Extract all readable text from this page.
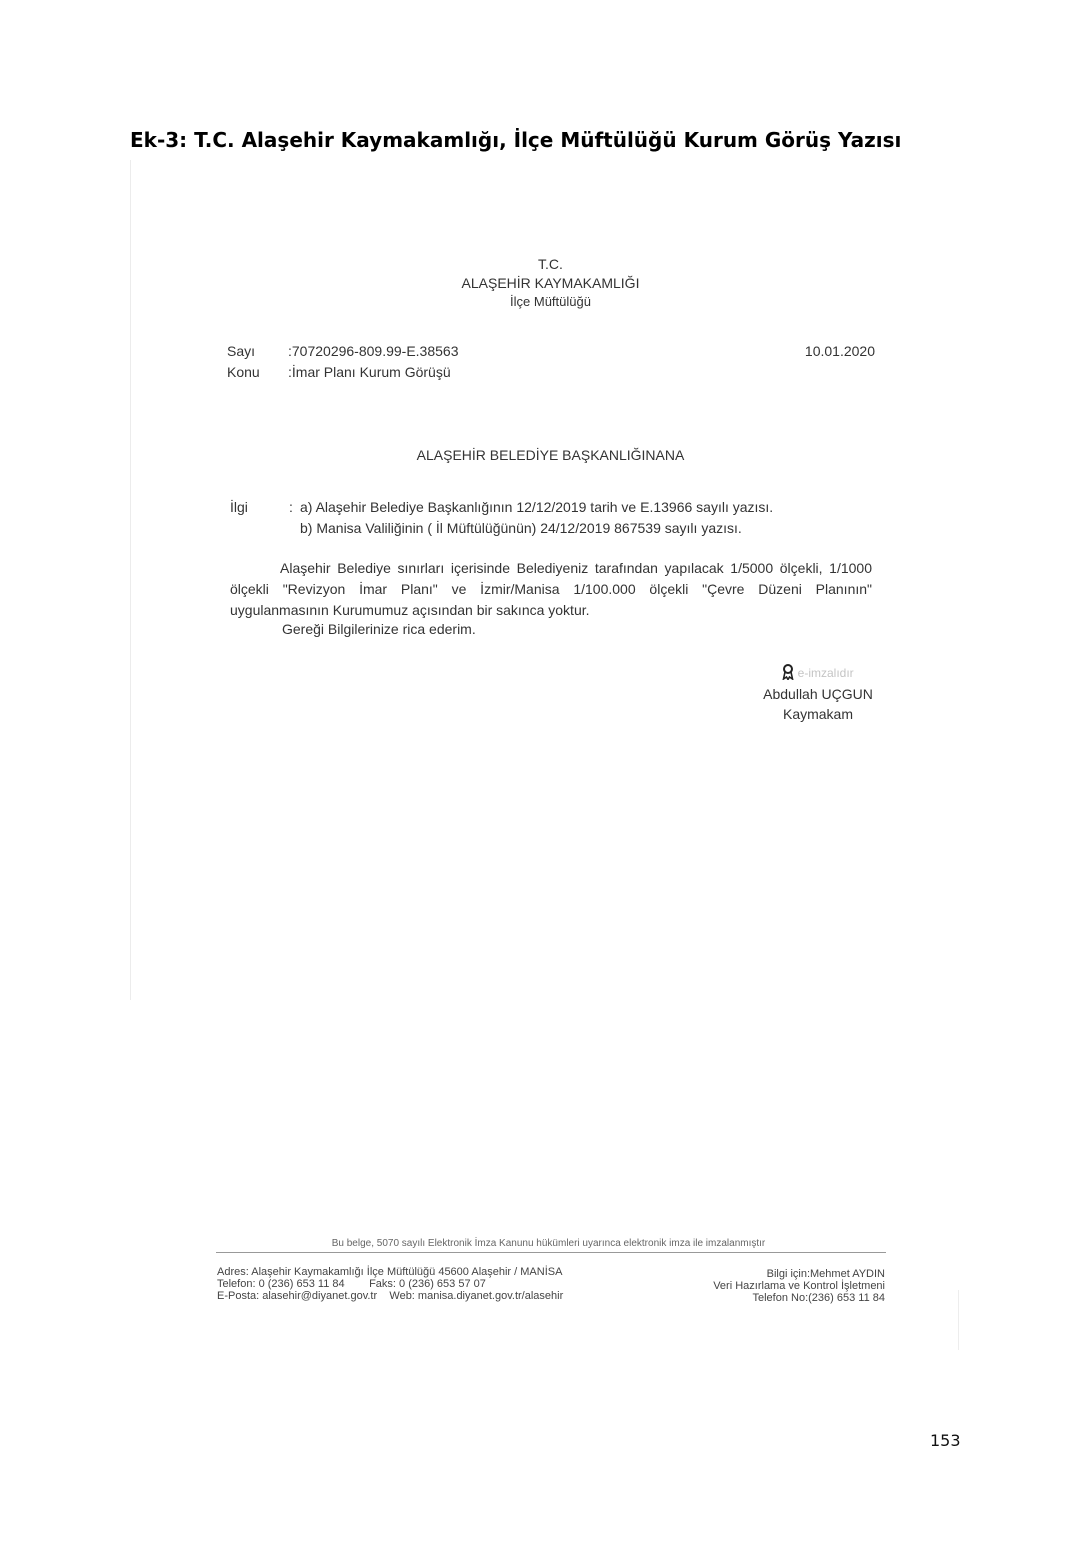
Ek-3: T.C. Alaşehir Kaymakamlığı, İlçe Müftülüğü Kurum Görüş Yazısı
T.C.
ALAŞEHİR KAYMAKAMLIĞI
İlçe Müftülüğü
Sayı :70720296-809.99-E.38563
Konu :İmar Planı Kurum Görüşü
10.01.2020
ALAŞEHİR BELEDİYE BAŞKANLIĞINANA
İlgi	: a) Alaşehir Belediye Başkanlığının 12/12/2019 tarih ve E.13966 sayılı yazısı.
b) Manisa Valiliğinin ( İl Müftülüğünün) 24/12/2019 867539 sayılı yazısı.
Alaşehir Belediye sınırları içerisinde Belediyeniz tarafından yapılacak 1/5000 ölçekli, 1/1000 ölçekli "Revizyon İmar Planı" ve İzmir/Manisa 1/100.000 ölçekli "Çevre Düzeni Planının" uygulanmasının Kurumumuz açısından bir sakınca yoktur.
Gereği Bilgilerinize rica ederim.
e-imzalıdır
Abdullah UÇGUN
Kaymakam
Bu belge, 5070 sayılı Elektronik İmza Kanunu hükümleri uyarınca elektronik imza ile imzalanmıştır
Adres: Alaşehir Kaymakamlığı İlçe Müftülüğü 45600 Alaşehir / MANİSA
Telefon: 0 (236) 653 11 84 Faks: 0 (236) 653 57 07
E-Posta: alasehir@diyanet.gov.tr Web: manisa.diyanet.gov.tr/alasehir
Bilgi için:Mehmet AYDIN
Veri Hazırlama ve Kontrol İşletmeni
Telefon No:(236) 653 11 84
153
